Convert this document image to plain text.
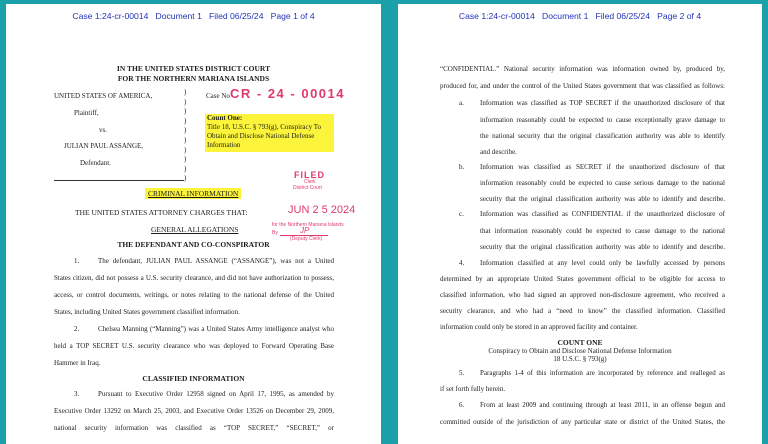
Case 1:24-cr-00014   Document 1   Filed 06/25/24   Page 1 of 4
IN THE UNITED STATES DISTRICT COURT
FOR THE NORTHERN MARIANA ISLANDS
UNITED STATES OF AMERICA,
Plaintiff,
vs.
JULIAN PAUL ASSANGE,
Defendant.
)
)
)
)
)
)
)
)
)
)
Case No CR - 24 - 00014
Count One:
Title 18, U.S.C. § 793(g), Conspiracy To
Obtain and Disclose National Defense
Information
FILED
Clerk
District Court
JUN 2 5 2024
for the Northern Mariana Islands
By	JP
(Deputy Clerk)
CRIMINAL INFORMATION
THE UNITED STATES ATTORNEY CHARGES THAT:
GENERAL ALLEGATIONS
THE DEFENDANT AND CO-CONSPIRATOR
1.	The defendant, JULIAN PAUL ASSANGE (“ASSANGE”), was not a United
States citizen, did not possess a U.S. security clearance, and did not have authorization to possess,
access, or control documents, writings, or notes relating to the national defense of the United
States, including United States government classified information.
2.	Chelsea Manning (“Manning”) was a United States Army intelligence analyst who
held a TOP SECRET U.S. security clearance who was deployed to Forward Operating Base
Hammer in Iraq.
CLASSIFIED INFORMATION
3.	Pursuant to Executive Order 12958 signed on April 17, 1995, as amended by
Executive Order 13292 on March 25, 2003, and Executive Order 13526 on December 29, 2009,
national security information was classified as “TOP SECRET,” “SECRET,” or
Case 1:24-cr-00014   Document 1   Filed 06/25/24   Page 2 of 4
“CONFIDENTIAL.” National security information was information owned by, produced by,
produced for, and under the control of the United States government that was classified as follows:
a. Information was classified as TOP SECRET if the unauthorized disclosure of that
information reasonably could be expected to cause exceptionally grave damage to
the national security that the original classification authority was able to identify
and describe.
b. Information was classified as SECRET if the unauthorized disclosure of that
information reasonably could be expected to cause serious damage to the national
security that the original classification authority was able to identify and describe.
c. Information was classified as CONFIDENTIAL if the unauthorized disclosure of
that information reasonably could be expected to cause damage to the national
security that the original classification authority was able to identify and describe.
4. Information classified at any level could only be lawfully accessed by persons
determined by an appropriate United States government official to be eligible for access to
classified information, who had signed an approved non-disclosure agreement, who received a
security clearance, and who had a “need to know” the classified information. Classified
information could only be stored in an approved facility and container.
COUNT ONE
Conspiracy to Obtain and Disclose National Defense Information
18 U.S.C. § 793(g)
5. Paragraphs 1-4 of this information are incorporated by reference and realleged as
if set forth fully herein.
6. From at least 2009 and continuing through at least 2011, in an offense begun and
committed outside of the jurisdiction of any particular state or district of the United States, the
